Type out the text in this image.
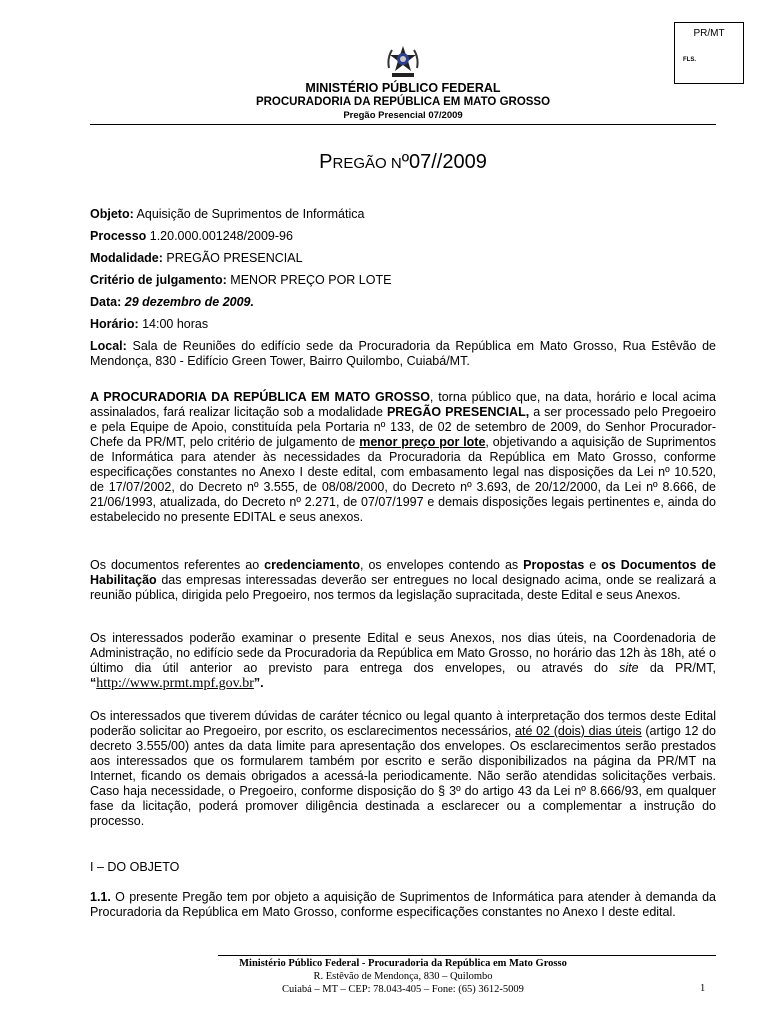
PR/MT
FLS.
MINISTÉRIO PÚBLICO FEDERAL
PROCURADORIA DA REPÚBLICA EM MATO GROSSO
Pregão Presencial 07/2009
PREGÃO Nº07//2009
Objeto: Aquisição de Suprimentos de Informática
Processo 1.20.000.001248/2009-96
Modalidade: PREGÃO PRESENCIAL
Critério de julgamento: MENOR PREÇO POR LOTE
Data: 29 dezembro de 2009.
Horário: 14:00 horas

Local: Sala de Reuniões do edifício sede da Procuradoria da República em Mato Grosso, Rua Estêvão de Mendonça, 830 - Edifício Green Tower, Bairro Quilombo, Cuiabá/MT.

A PROCURADORIA DA REPÚBLICA EM MATO GROSSO, torna público que, na data, horário e local acima assinalados, fará realizar licitação sob a modalidade PREGÃO PRESENCIAL, a ser processado pelo Pregoeiro e pela Equipe de Apoio, constituída pela Portaria nº 133, de 02 de setembro de 2009, do Senhor Procurador-Chefe da PR/MT, pelo critério de julgamento de menor preço por lote, objetivando a aquisição de Suprimentos de Informática para atender às necessidades da Procuradoria da República em Mato Grosso, conforme especificações constantes no Anexo I deste edital, com embasamento legal nas disposições da Lei nº 10.520, de 17/07/2002, do Decreto nº 3.555, de 08/08/2000, do Decreto nº 3.693, de 20/12/2000, da Lei nº 8.666, de 21/06/1993, atualizada, do Decreto nº 2.271, de 07/07/1997 e demais disposições legais pertinentes e, ainda do estabelecido no presente EDITAL e seus anexos.

Os documentos referentes ao credenciamento, os envelopes contendo as Propostas e os Documentos de Habilitação das empresas interessadas deverão ser entregues no local designado acima, onde se realizará a reunião pública, dirigida pelo Pregoeiro, nos termos da legislação supracitada, deste Edital e seus Anexos.

Os interessados poderão examinar o presente Edital e seus Anexos, nos dias úteis, na Coordenadoria de Administração, no edifício sede da Procuradoria da República em Mato Grosso, no horário das 12h às 18h, até o último dia útil anterior ao previsto para entrega dos envelopes, ou através do site da PR/MT, “http://www.prmt.mpf.gov.br”.

Os interessados que tiverem dúvidas de caráter técnico ou legal quanto à interpretação dos termos deste Edital poderão solicitar ao Pregoeiro, por escrito, os esclarecimentos necessários, até 02 (dois) dias úteis (artigo 12 do decreto 3.555/00) antes da data limite para apresentação dos envelopes. Os esclarecimentos serão prestados aos interessados que os formularem também por escrito e serão disponibilizados na página da PR/MT na Internet, ficando os demais obrigados a acessá-la periodicamente. Não serão atendidas solicitações verbais. Caso haja necessidade, o Pregoeiro, conforme disposição do § 3º do artigo 43 da Lei nº 8.666/93, em qualquer fase da licitação, poderá promover diligência destinada a esclarecer ou a complementar a instrução do processo.

I – DO OBJETO

1.1. O presente Pregão tem por objeto a aquisição de Suprimentos de Informática para atender à demanda da Procuradoria da República em Mato Grosso, conforme especificações constantes no Anexo I deste edital.

Ministério Público Federal - Procuradoria da República em Mato Grosso
R. Estêvão de Mendonça, 830 – Quilombo
Cuiabá – MT – CEP: 78.043-405 – Fone: (65) 3612-5009	1
